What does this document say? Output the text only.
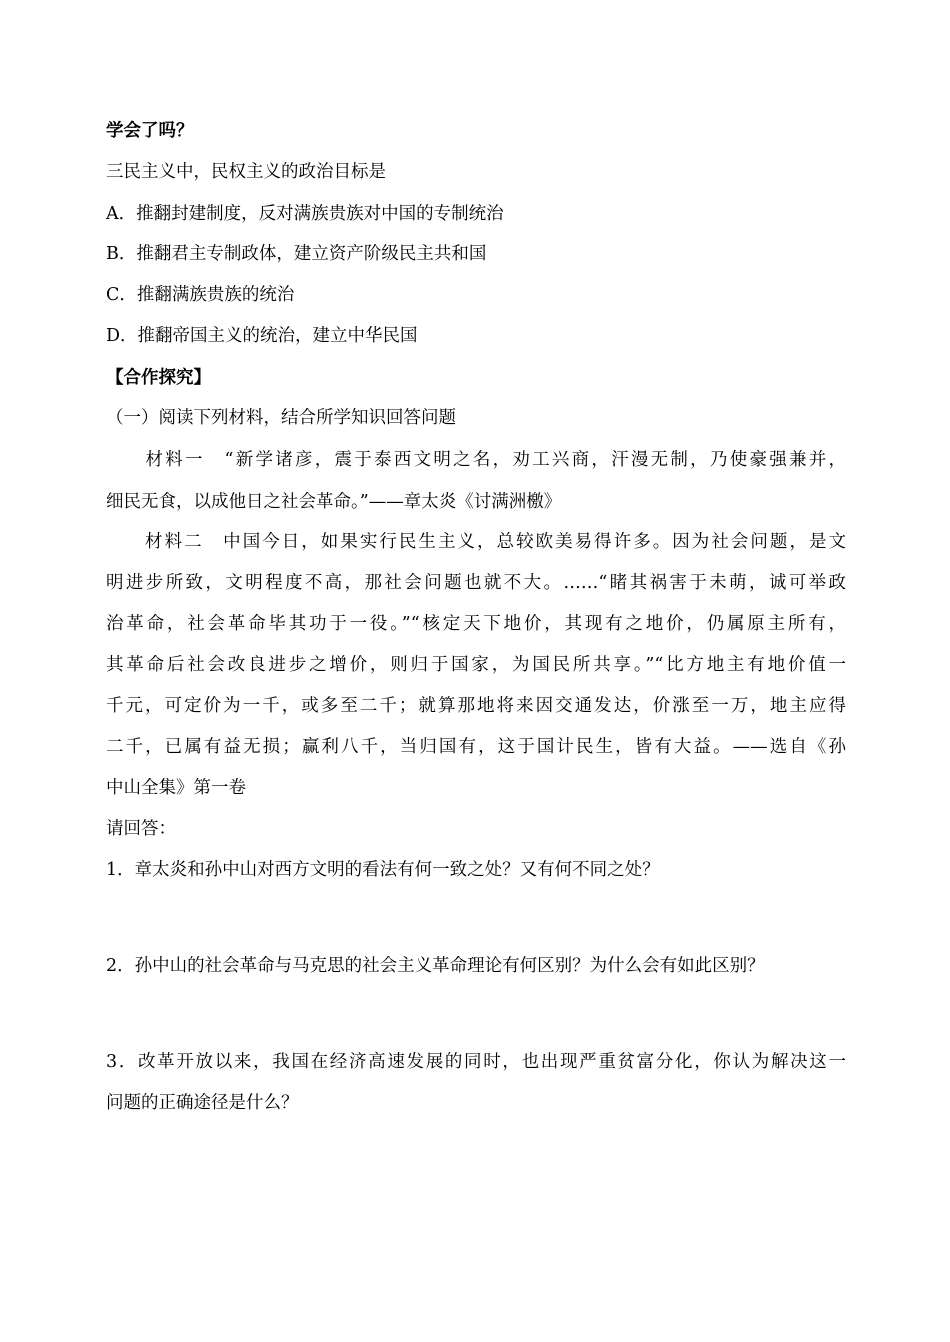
学会了吗？
三民主义中，民权主义的政治目标是
A．推翻封建制度，反对满族贵族对中国的专制统治
B．推翻君主专制政体，建立资产阶级民主共和国
C．推翻满族贵族的统治
D．推翻帝国主义的统治，建立中华民国
【合作探究】
（一）阅读下列材料，结合所学知识回答问题
　　材料一　“新学诸彦，震于泰西文明之名，劝工兴商，汗漫无制，乃使豪强兼并，
细民无食，以成他日之社会革命。”——章太炎《讨满洲檄》
　　材料二　中国今日，如果实行民生主义，总较欧美易得许多。因为社会问题，是文
明进步所致，文明程度不高，那社会问题也就不大。……“睹其祸害于未萌，诚可举政
治革命，社会革命毕其功于一役。”“核定天下地价，其现有之地价，仍属原主所有，
其革命后社会改良进步之增价，则归于国家，为国民所共享。”“比方地主有地价值一
千元，可定价为一千，或多至二千；就算那地将来因交通发达，价涨至一万，地主应得
二千，已属有益无损；赢利八千，当归国有，这于国计民生，皆有大益。——选自《孙
中山全集》第一卷
请回答：
1．章太炎和孙中山对西方文明的看法有何一致之处？又有何不同之处？
2．孙中山的社会革命与马克思的社会主义革命理论有何区别？为什么会有如此区别？
3．改革开放以来，我国在经济高速发展的同时，也出现严重贫富分化，你认为解决这一
问题的正确途径是什么？
